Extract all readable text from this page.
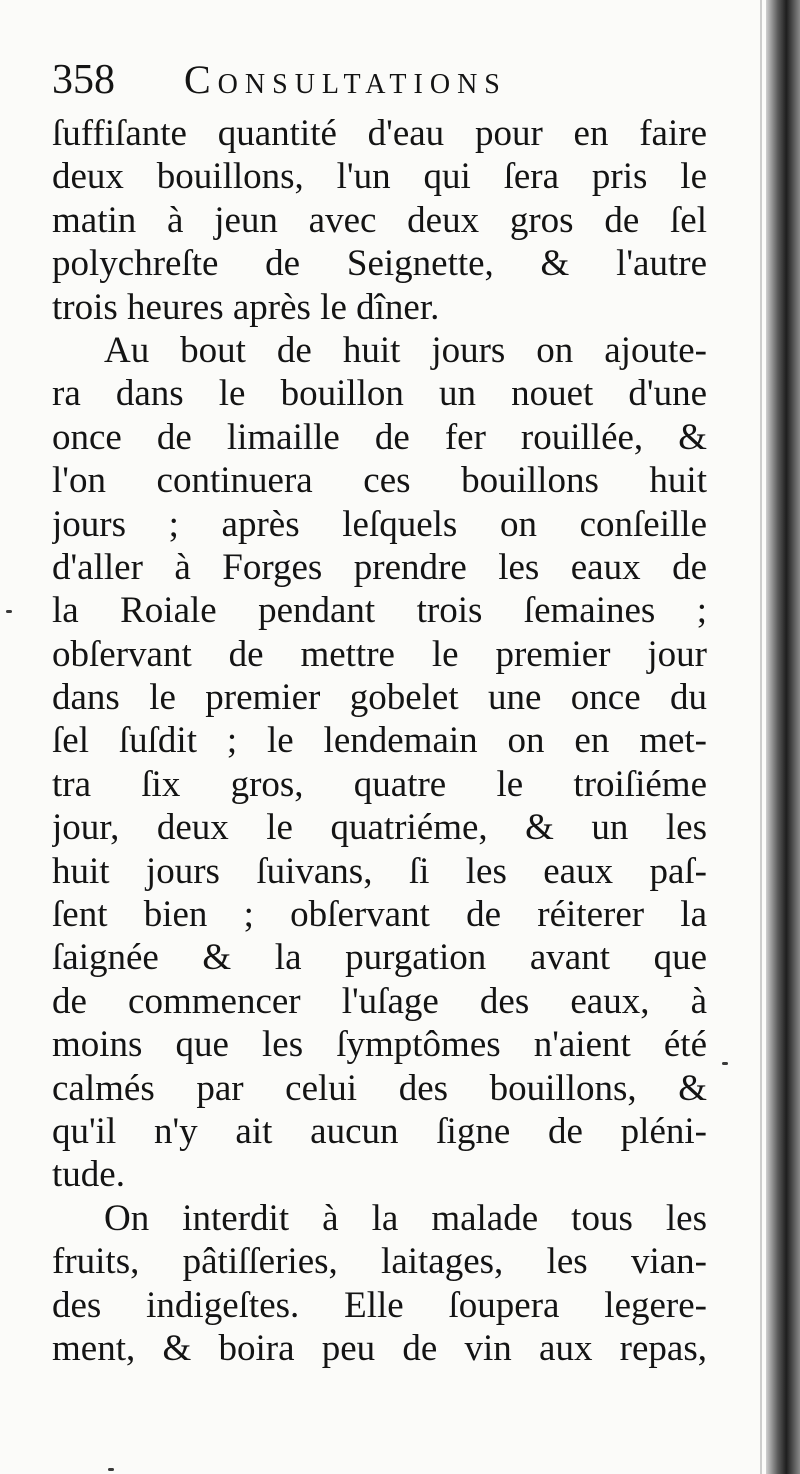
358 Consultations
ſuffiſante quantité d'eau pour en faire
deux bouillons, l'un qui ſera pris le
matin à jeun avec deux gros de ſel
polychreſte de Seignette, & l'autre
trois heures après le dîner.
Au bout de huit jours on ajoute-
ra dans le bouillon un nouet d'une
once de limaille de fer rouillée, &
l'on continuera ces bouillons huit
jours ; après leſquels on conſeille
d'aller à Forges prendre les eaux de
la Roiale pendant trois ſemaines ;
obſervant de mettre le premier jour
dans le premier gobelet une once du
ſel ſuſdit ; le lendemain on en met-
tra ſix gros, quatre le troiſiéme
jour, deux le quatriéme, & un les
huit jours ſuivans, ſi les eaux paſ-
ſent bien ; obſervant de réiterer la
ſaignée & la purgation avant que
de commencer l'uſage des eaux, à
moins que les ſymptômes n'aient été
calmés par celui des bouillons, &
qu'il n'y ait aucun ſigne de pléni-
tude.
On interdit à la malade tous les
fruits, pâtiſſeries, laitages, les vian-
des indigeſtes. Elle ſoupera legere-
ment, & boira peu de vin aux repas,
